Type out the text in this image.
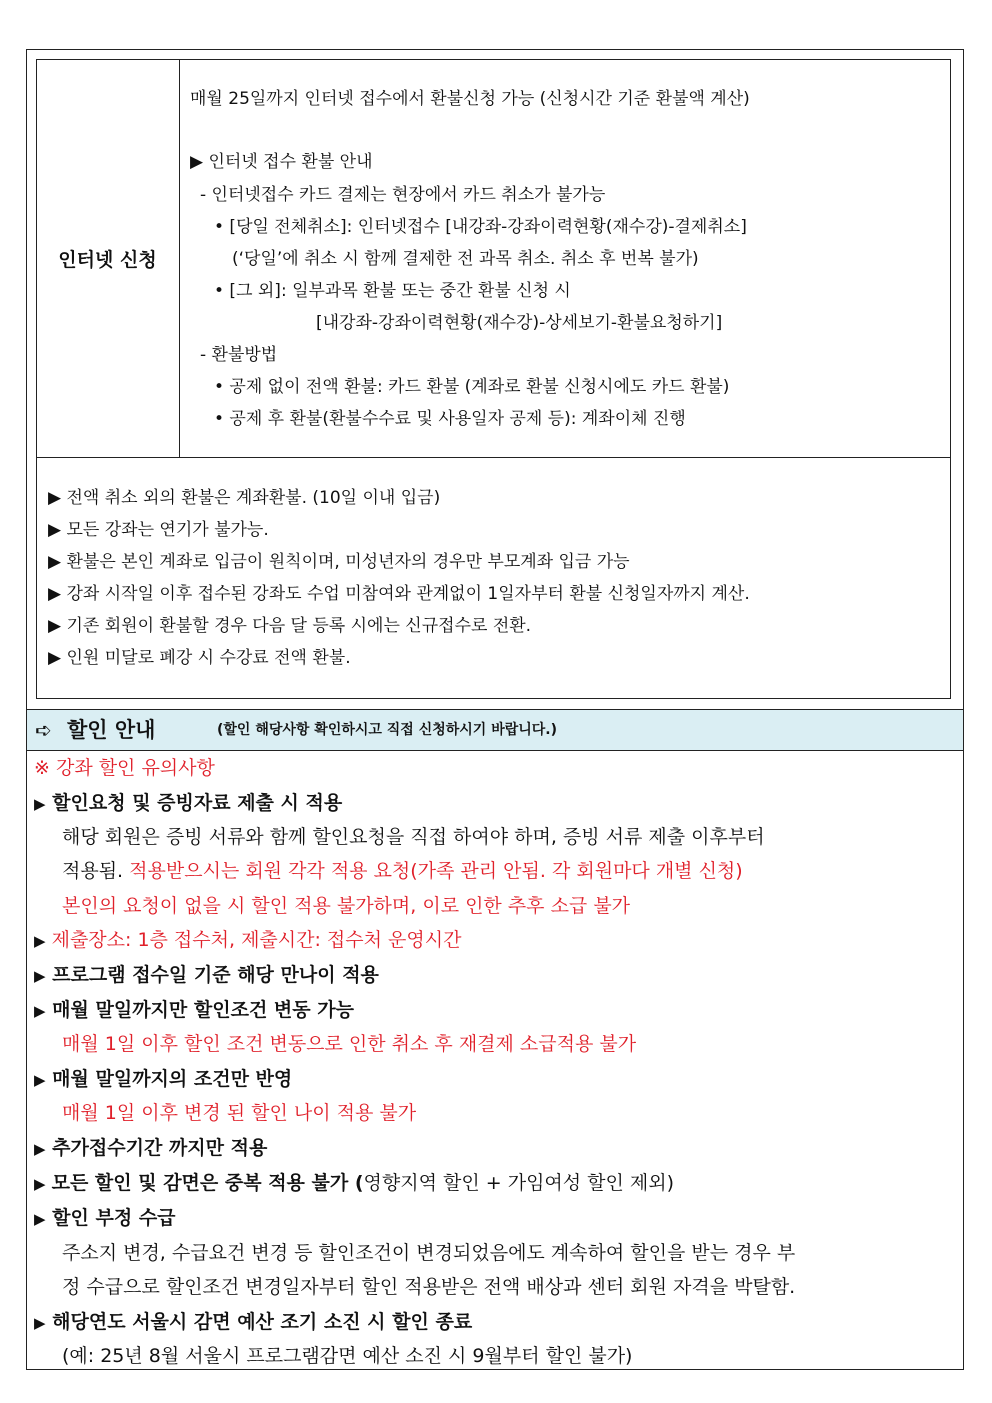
인터넷 신청
매월 25일까지 인터넷 접수에서 환불신청 가능 (신청시간 기준 환불액 계산)
▶ 인터넷 접수 환불 안내
- 인터넷접수 카드 결제는 현장에서 카드 취소가 불가능
• [당일 전체취소]: 인터넷접수 [내강좌-강좌이력현황(재수강)-결제취소]
(‘당일’에 취소 시 함께 결제한 전 과목 취소. 취소 후 번복 불가)
• [그 외]: 일부과목 환불 또는 중간 환불 신청 시
[내강좌-강좌이력현황(재수강)-상세보기-환불요청하기]
- 환불방법
• 공제 없이 전액 환불: 카드 환불 (계좌로 환불 신청시에도 카드 환불)
• 공제 후 환불(환불수수료 및 사용일자 공제 등): 계좌이체 진행
▶ 전액 취소 외의 환불은 계좌환불. (10일 이내 입금)
▶ 모든 강좌는 연기가 불가능.
▶ 환불은 본인 계좌로 입금이 원칙이며, 미성년자의 경우만 부모계좌 입금 가능
▶ 강좌 시작일 이후 접수된 강좌도 수업 미참여와 관계없이 1일자부터 환불 신청일자까지 계산.
▶ 기존 회원이 환불할 경우 다음 달 등록 시에는 신규접수로 전환.
▶ 인원 미달로 폐강 시 수강료 전액 환불.
➪ 할인 안내	(할인 해당사항 확인하시고 직접 신청하시기 바랍니다.)
※ 강좌 할인 유의사항
▶ 할인요청 및 증빙자료 제출 시 적용
해당 회원은 증빙 서류와 함께 할인요청을 직접 하여야 하며, 증빙 서류 제출 이후부터
적용됨. 적용받으시는 회원 각각 적용 요청(가족 관리 안됨. 각 회원마다 개별 신청)
본인의 요청이 없을 시 할인 적용 불가하며, 이로 인한 추후 소급 불가
▶ 제출장소: 1층 접수처, 제출시간: 접수처 운영시간
▶ 프로그램 접수일 기준 해당 만나이 적용
▶ 매월 말일까지만 할인조건 변동 가능
매월 1일 이후 할인 조건 변동으로 인한 취소 후 재결제 소급적용 불가
▶ 매월 말일까지의 조건만 반영
매월 1일 이후 변경 된 할인 나이 적용 불가
▶ 추가접수기간 까지만 적용
▶ 모든 할인 및 감면은 중복 적용 불가 (영향지역 할인 + 가임여성 할인 제외)
▶ 할인 부정 수급
주소지 변경, 수급요건 변경 등 할인조건이 변경되었음에도 계속하여 할인을 받는 경우 부
정 수급으로 할인조건 변경일자부터 할인 적용받은 전액 배상과 센터 회원 자격을 박탈함.
▶ 해당연도 서울시 감면 예산 조기 소진 시 할인 종료
(예: 25년 8월 서울시 프로그램감면 예산 소진 시 9월부터 할인 불가)
